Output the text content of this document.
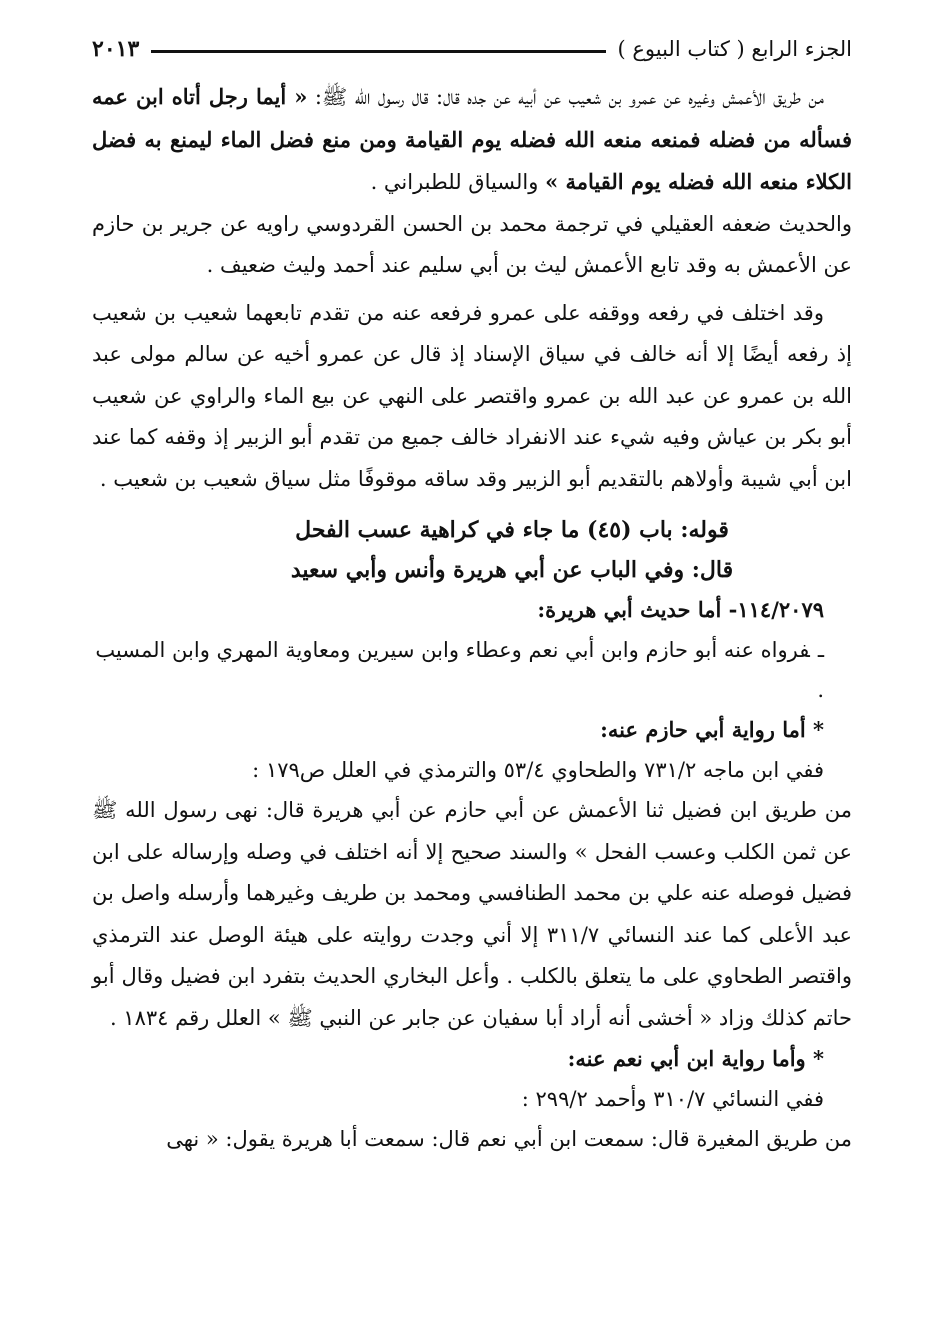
الجزء الرابع ( كتاب البيوع )
٢٠١٣

من طريق الأعمش وغيره عن عمرو بن شعيب عن أبيه عن جده قال: قال رسول الله ﷺ: « أيما رجل أتاه ابن عمه فسأله من فضله فمنعه منعه الله فضله يوم القيامة ومن منع فضل الماء ليمنع به فضل الكلاء منعه الله فضله يوم القيامة » والسياق للطبراني .

والحديث ضعفه العقيلي في ترجمة محمد بن الحسن القردوسي راويه عن جرير بن حازم عن الأعمش به وقد تابع الأعمش ليث بن أبي سليم عند أحمد وليث ضعيف .

وقد اختلف في رفعه ووقفه على عمرو فرفعه عنه من تقدم تابعهما شعيب بن شعيب إذ رفعه أيضًا إلا أنه خالف في سياق الإسناد إذ قال عن عمرو أخيه عن سالم مولى عبد الله بن عمرو عن عبد الله بن عمرو واقتصر على النهي عن بيع الماء والراوي عن شعيب أبو بكر بن عياش وفيه شيء عند الانفراد خالف جميع من تقدم أبو الزبير إذ وقفه كما عند ابن أبي شيبة وأولاهم بالتقديم أبو الزبير وقد ساقه موقوفًا مثل سياق شعيب بن شعيب .

قوله: باب (٤٥) ما جاء في كراهية عسب الفحل

قال: وفي الباب عن أبي هريرة وأنس وأبي سعيد

١١٤/٢٠٧٩- أما حديث أبي هريرة:

ـفرواه عنه أبو حازم وابن أبي نعم وعطاء وابن سيرين ومعاوية المهري وابن المسيب .

* أما رواية أبي حازم عنه:

ففي ابن ماجه ٧٣١/٢ والطحاوي ٥٣/٤ والترمذي في العلل ص١٧٩ :

من طريق ابن فضيل ثنا الأعمش عن أبي حازم عن أبي هريرة قال: نهى رسول الله ﷺ عن ثمن الكلب وعسب الفحل » والسند صحيح إلا أنه اختلف في وصله وإرساله على ابن فضيل فوصله عنه علي بن محمد الطنافسي ومحمد بن طريف وغيرهما وأرسله واصل بن عبد الأعلى كما عند النسائي ٣١١/٧ إلا أني وجدت روايته على هيئة الوصل عند الترمذي واقتصر الطحاوي على ما يتعلق بالكلب . وأعل البخاري الحديث بتفرد ابن فضيل وقال أبو حاتم كذلك وزاد « أخشى أنه أراد أبا سفيان عن جابر عن النبي ﷺ » العلل رقم ١٨٣٤ .

* وأما رواية ابن أبي نعم عنه:

ففي النسائي ٣١٠/٧ وأحمد ٢٩٩/٢ :

من طريق المغيرة قال: سمعت ابن أبي نعم قال: سمعت أبا هريرة يقول: « نهى
